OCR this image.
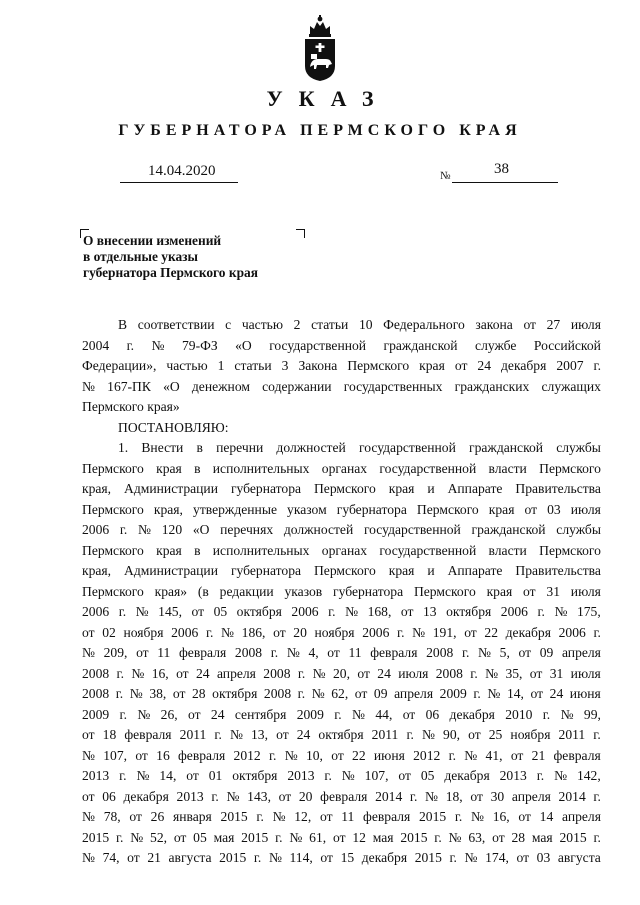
УКАЗ
ГУБЕРНАТОРА ПЕРМСКОГО КРАЯ
14.04.2020	№	38
О внесении изменений
в отдельные указы
губернатора Пермского края
В соответствии с частью 2 статьи 10 Федерального закона от 27 июля
2004 г. № 79-ФЗ «О государственной гражданской службе Российской
Федерации», частью 1 статьи 3 Закона Пермского края от 24 декабря 2007 г.
№ 167-ПК «О денежном содержании государственных гражданских служащих
Пермского края»
ПОСТАНОВЛЯЮ:
1. Внести в перечни должностей государственной гражданской службы
Пермского края в исполнительных органах государственной власти Пермского
края, Администрации губернатора Пермского края и Аппарате Правительства
Пермского края, утвержденные указом губернатора Пермского края от 03 июля
2006 г. № 120 «О перечнях должностей государственной гражданской службы
Пермского края в исполнительных органах государственной власти Пермского
края, Администрации губернатора Пермского края и Аппарате Правительства
Пермского края» (в редакции указов губернатора Пермского края от 31 июля
2006 г. № 145, от 05 октября 2006 г. № 168, от 13 октября 2006 г. № 175,
от 02 ноября 2006 г. № 186, от 20 ноября 2006 г. № 191, от 22 декабря 2006 г.
№ 209, от 11 февраля 2008 г. № 4, от 11 февраля 2008 г. № 5, от 09 апреля
2008 г. № 16, от 24 апреля 2008 г. № 20, от 24 июля 2008 г. № 35, от 31 июля
2008 г. № 38, от 28 октября 2008 г. № 62, от 09 апреля 2009 г. № 14, от 24 июня
2009 г. № 26, от 24 сентября 2009 г. № 44, от 06 декабря 2010 г. № 99,
от 18 февраля 2011 г. № 13, от 24 октября 2011 г. № 90, от 25 ноября 2011 г.
№ 107, от 16 февраля 2012 г. № 10, от 22 июня 2012 г. № 41, от 21 февраля
2013 г. № 14, от 01 октября 2013 г. № 107, от 05 декабря 2013 г. № 142,
от 06 декабря 2013 г. № 143, от 20 февраля 2014 г. № 18, от 30 апреля 2014 г.
№ 78, от 26 января 2015 г. № 12, от 11 февраля 2015 г. № 16, от 14 апреля
2015 г. № 52, от 05 мая 2015 г. № 61, от 12 мая 2015 г. № 63, от 28 мая 2015 г.
№ 74, от 21 августа 2015 г. № 114, от 15 декабря 2015 г. № 174, от 03 августа
